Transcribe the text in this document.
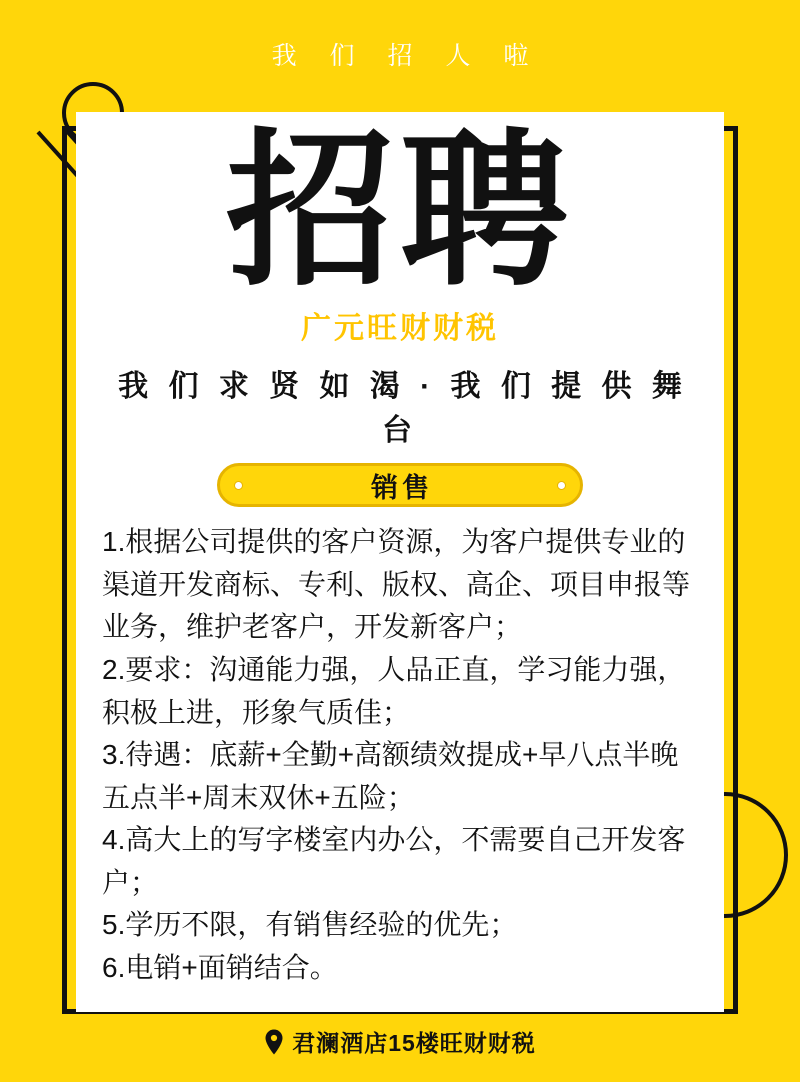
我 们 招 人 啦
招聘
广元旺财财税
我 们 求 贤 如 渴 · 我 们 提 供 舞 台
销售
1.根据公司提供的客户资源，为客户提供专业的渠道开发商标、专利、版权、高企、项目申报等业务，维护老客户，开发新客户；
2.要求：沟通能力强，人品正直，学习能力强，积极上进，形象气质佳；
3.待遇：底薪+全勤+高额绩效提成+早八点半晚五点半+周末双休+五险；
4.高大上的写字楼室内办公，不需要自己开发客户；
5.学历不限，有销售经验的优先；
6.电销+面销结合。
君澜酒店15楼旺财财税
